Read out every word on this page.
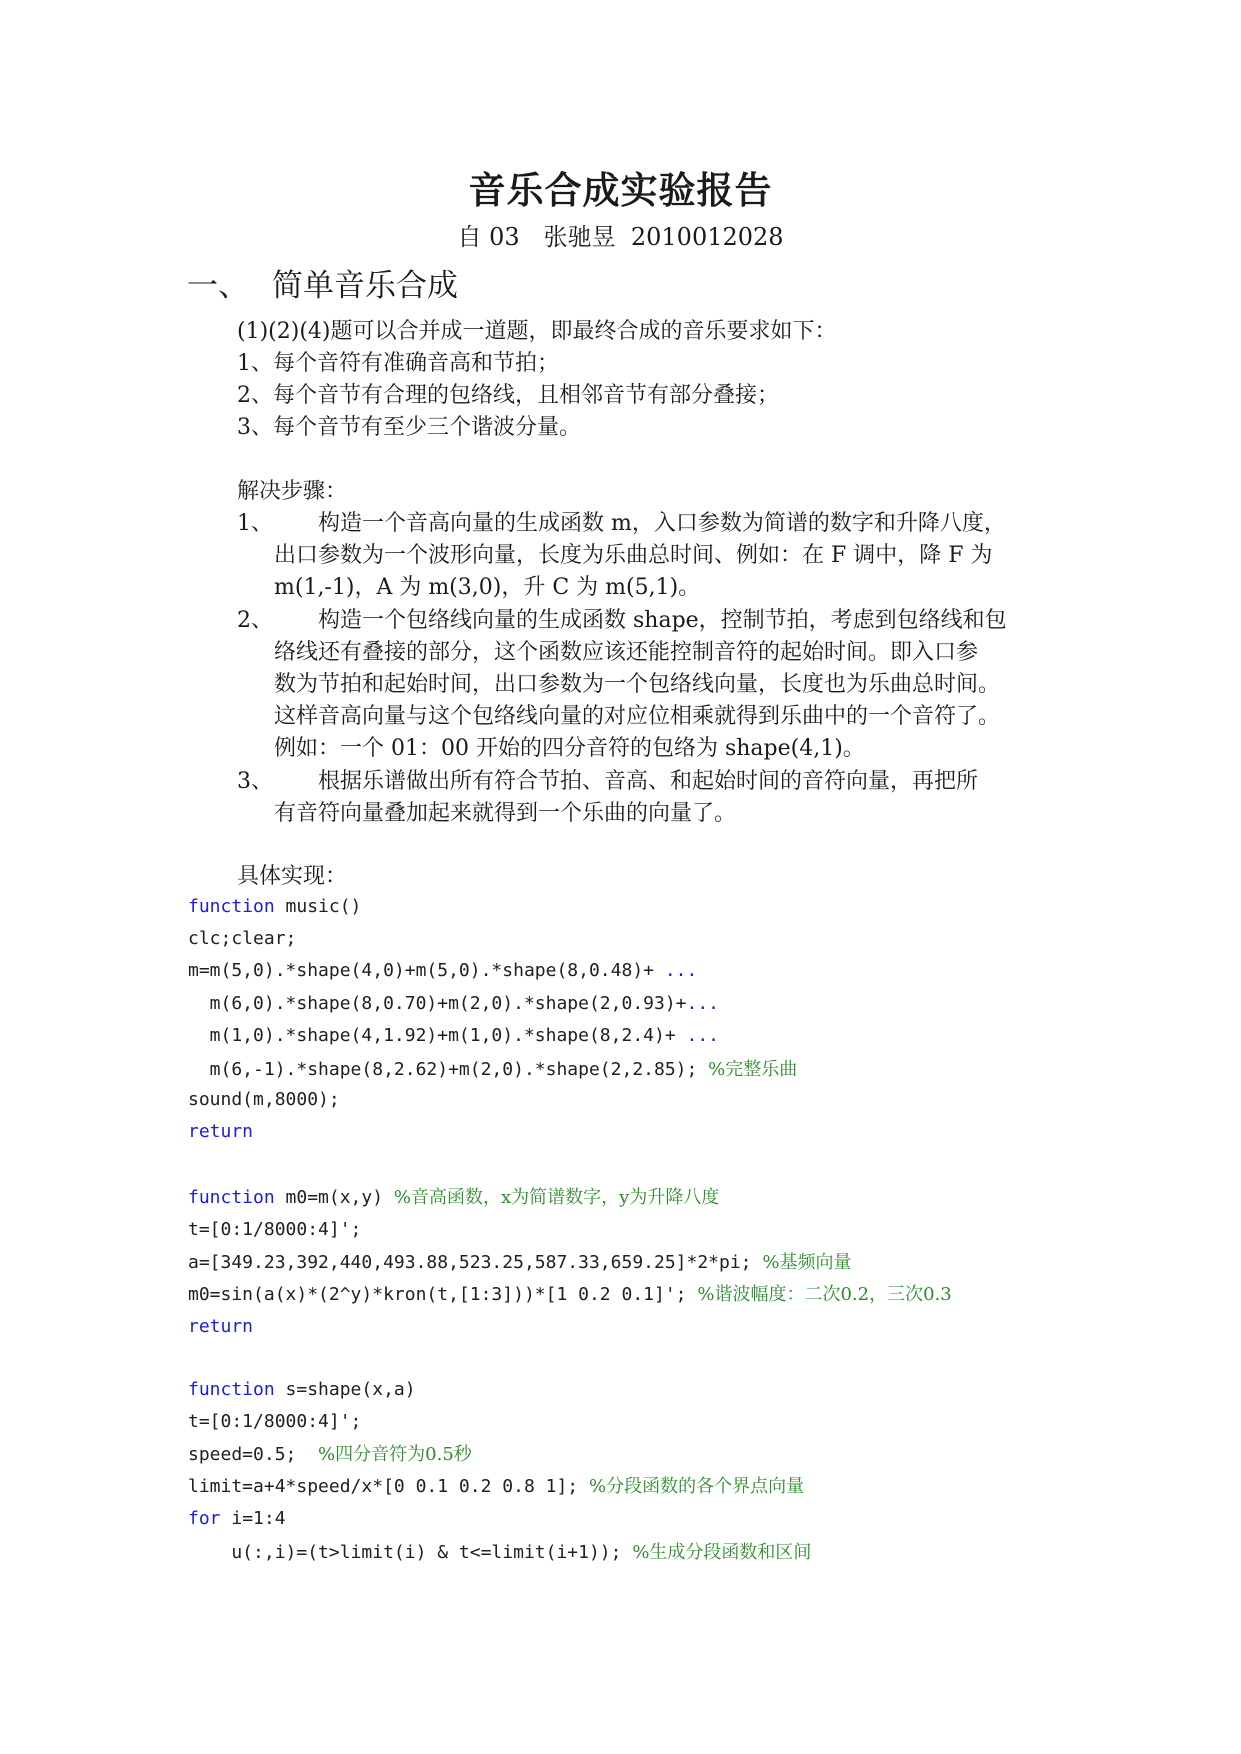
音乐合成实验报告
自 03　张驰昱  2010012028
一、 简单音乐合成
(1)(2)(4)题可以合并成一道题，即最终合成的音乐要求如下：
1、每个音符有准确音高和节拍；
2、每个音节有合理的包络线，且相邻音节有部分叠接；
3、每个音节有至少三个谐波分量。
解决步骤：
1、 构造一个音高向量的生成函数 m，入口参数为简谱的数字和升降八度，
出口参数为一个波形向量，长度为乐曲总时间、例如：在 F 调中，降 F 为
m(1,-1)，A 为 m(3,0)，升 C 为 m(5,1)。
2、 构造一个包络线向量的生成函数 shape，控制节拍，考虑到包络线和包
络线还有叠接的部分，这个函数应该还能控制音符的起始时间。即入口参
数为节拍和起始时间，出口参数为一个包络线向量，长度也为乐曲总时间。
这样音高向量与这个包络线向量的对应位相乘就得到乐曲中的一个音符了。
例如：一个 01：00 开始的四分音符的包络为 shape(4,1)。
3、 根据乐谱做出所有符合节拍、音高、和起始时间的音符向量，再把所
有音符向量叠加起来就得到一个乐曲的向量了。
具体实现：
function music()
clc;clear;
m=m(5,0).*shape(4,0)+m(5,0).*shape(8,0.48)+ ...
m(6,0).*shape(8,0.70)+m(2,0).*shape(2,0.93)+...
m(1,0).*shape(4,1.92)+m(1,0).*shape(8,2.4)+ ...
m(6,-1).*shape(8,2.62)+m(2,0).*shape(2,2.85); %完整乐曲
sound(m,8000);
return
function m0=m(x,y) %音高函数，x为简谱数字，y为升降八度
t=[0:1/8000:4]';
a=[349.23,392,440,493.88,523.25,587.33,659.25]*2*pi; %基频向量
m0=sin(a(x)*(2^y)*kron(t,[1:3]))*[1 0.2 0.1]'; %谐波幅度：二次0.2，三次0.3
return
function s=shape(x,a)
t=[0:1/8000:4]';
speed=0.5;  %四分音符为0.5秒
limit=a+4*speed/x*[0 0.1 0.2 0.8 1]; %分段函数的各个界点向量
for i=1:4
u(:,i)=(t>limit(i) & t<=limit(i+1)); %生成分段函数和区间
